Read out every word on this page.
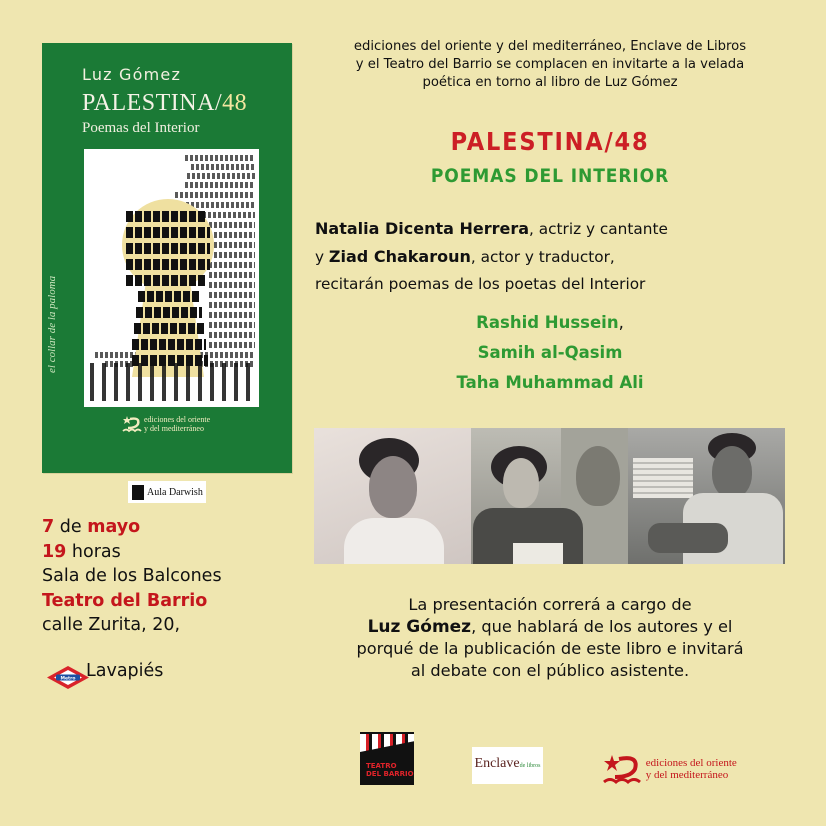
Luz Gómez
PALESTINA/48
Poemas del Interior
el collar de la paloma
ediciones del oriente
y del mediterráneo
Aula Darwish
7 de mayo
19 horas
Sala de los Balcones
Teatro del Barrio
calle Zurita, 20,
Metro Lavapiés
ediciones del oriente y del mediterráneo, Enclave de Libros
y el Teatro del Barrio se complacen en invitarte a la velada
poética en torno al libro de Luz Gómez
PALESTINA/48
POEMAS DEL INTERIOR
Natalia Dicenta Herrera, actriz y cantante
y Ziad Chakaroun, actor y traductor,
recitarán poemas de los poetas del Interior
Rashid Hussein,
Samih al-Qasim
Taha Muhammad Ali
La presentación correrá a cargo de
Luz Gómez, que hablará de los autores y el
porqué de la publicación de este libro e invitará
al debate con el público asistente.
TEATRO DEL BARRIO
Enclavede libros	ediciones del oriente
y del mediterráneo
